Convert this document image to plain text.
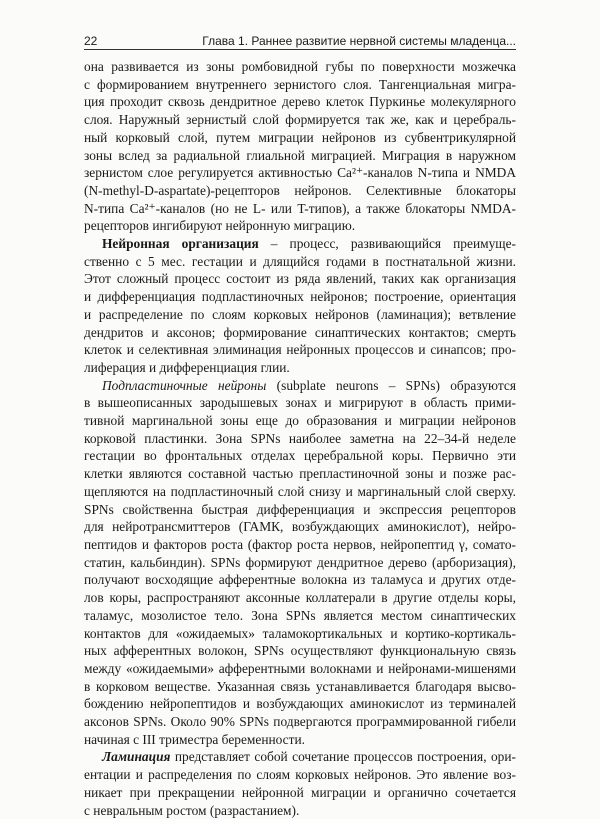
22	Глава 1. Раннее развитие нервной системы младенца...

она развивается из зоны ромбовидной губы по поверхности мозжечка
с формированием внутреннего зернистого слоя. Тангенциальная мигра-
ция проходит сквозь дендритное дерево клеток Пуркинье молекулярного
слоя. Наружный зернистый слой формируется так же, как и церебраль-
ный корковый слой, путем миграции нейронов из субвентрикулярной
зоны вслед за радиальной глиальной миграцией. Миграция в наружном
зернистом слое регулируется активностью Ca²⁺-каналов N-типа и NMDA
(N-methyl-D-aspartate)-рецепторов нейронов. Селективные блокаторы
N-типа Ca²⁺-каналов (но не L- или T-типов), а также блокаторы NMDA-
рецепторов ингибируют нейронную миграцию.

Нейронная организация – процесс, развивающийся преимуще-
ственно с 5 мес. гестации и длящийся годами в постнатальной жизни.
Этот сложный процесс состоит из ряда явлений, таких как организация
и дифференциация подпластиночных нейронов; построение, ориентация
и распределение по слоям корковых нейронов (ламинация); ветвление
дендритов и аксонов; формирование синаптических контактов; смерть
клеток и селективная элиминация нейронных процессов и синапсов; про-
лиферация и дифференциация глии.

Подпластиночные нейроны (subplate neurons – SPNs) образуются
в вышеописанных зародышевых зонах и мигрируют в область прими-
тивной маргинальной зоны еще до образования и миграции нейронов
корковой пластинки. Зона SPNs наиболее заметна на 22–34-й неделе
гестации во фронтальных отделах церебральной коры. Первично эти
клетки являются составной частью препластиночной зоны и позже рас-
щепляются на подпластиночный слой снизу и маргинальный слой сверху.
SPNs свойственна быстрая дифференциация и экспрессия рецепторов
для нейротрансмиттеров (ГАМК, возбуждающих аминокислот), нейро-
пептидов и факторов роста (фактор роста нервов, нейропептид γ, сомато-
статин, кальбиндин). SPNs формируют дендритное дерево (арборизация),
получают восходящие афферентные волокна из таламуса и других отде-
лов коры, распространяют аксонные коллатерали в другие отделы коры,
таламус, мозолистое тело. Зона SPNs является местом синаптических
контактов для «ожидаемых» таламокортикальных и кортико-кортикаль-
ных афферентных волокон, SPNs осуществляют функциональную связь
между «ожидаемыми» афферентными волокнами и нейронами-мишенями
в корковом веществе. Указанная связь устанавливается благодаря высво-
бождению нейропептидов и возбуждающих аминокислот из терминалей
аксонов SPNs. Около 90% SPNs подвергаются программированной гибели
начиная с III триместра беременности.

Ламинация представляет собой сочетание процессов построения, ори-
ентации и распределения по слоям корковых нейронов. Это явление воз-
никает при прекращении нейронной миграции и органично сочетается
с невральным ростом (разрастанием).
